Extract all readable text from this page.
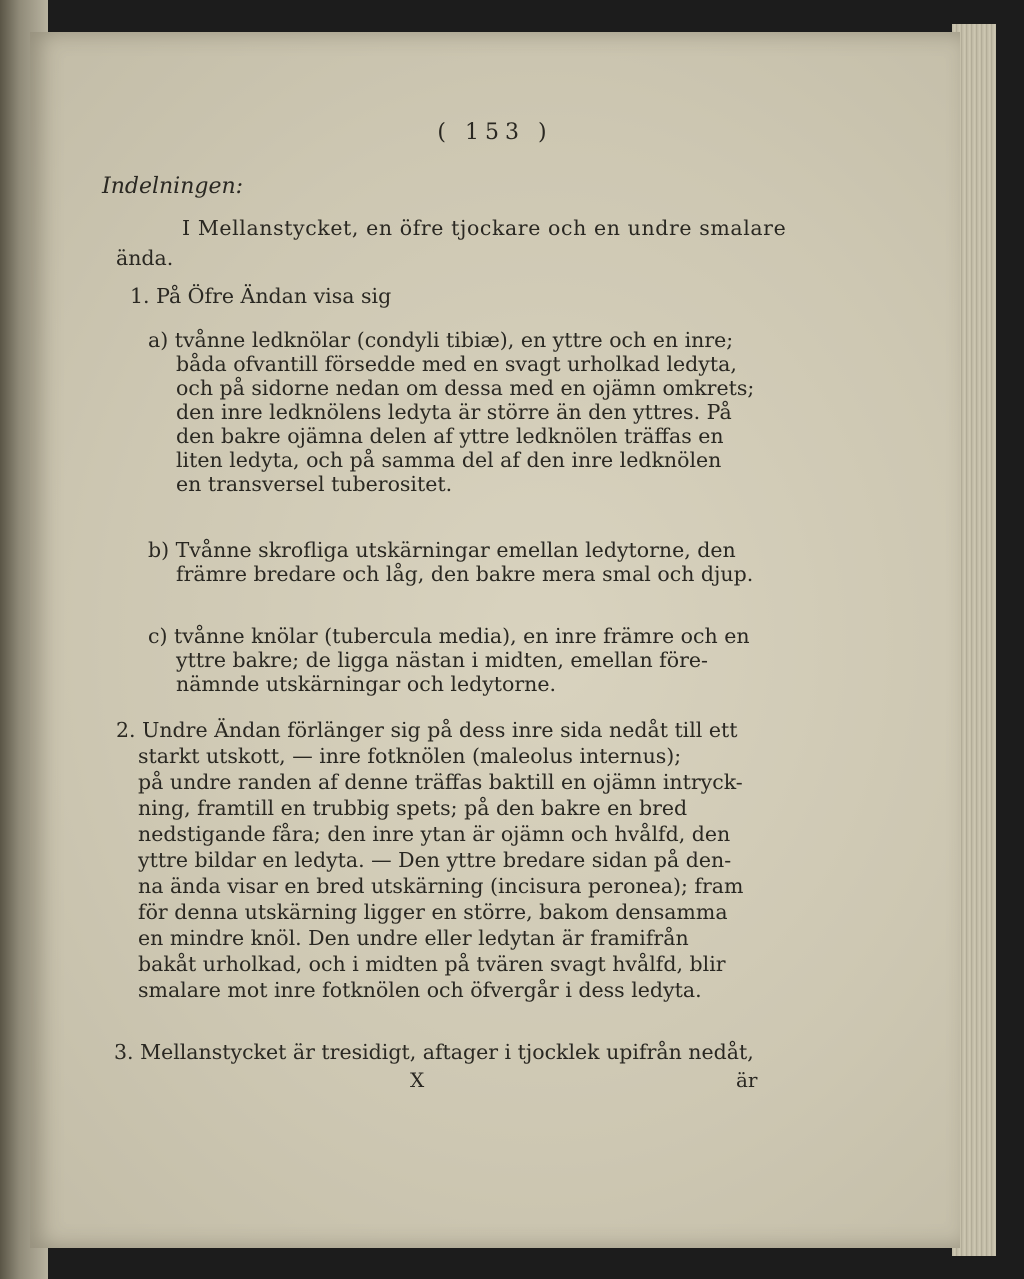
( 153 )
Indelningen:
I Mellanstycket, en öfre tjockare och en undre smalare
ända.
1. På Öfre Ändan visa sig
a) tvånne ledknölar (condyli tibiæ), en yttre och en inre;
båda ofvantill försedde med en svagt urholkad ledyta,
och på sidorne nedan om dessa med en ojämn omkrets;
den inre ledknölens ledyta är större än den yttres. På
den bakre ojämna delen af yttre ledknölen träffas en
liten ledyta, och på samma del af den inre ledknölen
en transversel tuberositet.
b) Tvånne skrofliga utskärningar emellan ledytorne, den
främre bredare och låg, den bakre mera smal och djup.
c) tvånne knölar (tubercula media), en inre främre och en
yttre bakre; de ligga nästan i midten, emellan före-
nämnde utskärningar och ledytorne.
2. Undre Ändan förlänger sig på dess inre sida nedåt till ett
starkt utskott, — inre fotknölen (maleolus internus);
på undre randen af denne träffas baktill en ojämn intryck-
ning, framtill en trubbig spets; på den bakre en bred
nedstigande fåra; den inre ytan är ojämn och hvålfd, den
yttre bildar en ledyta. — Den yttre bredare sidan på den-
na ända visar en bred utskärning (incisura peronea); fram
för denna utskärning ligger en större, bakom densamma
en mindre knöl. Den undre eller ledytan är framifrån
bakåt urholkad, och i midten på tvären svagt hvålfd, blir
smalare mot inre fotknölen och öfvergår i dess ledyta.
3. Mellanstycket är tresidigt, aftager i tjocklek upifrån nedåt,
X	är
